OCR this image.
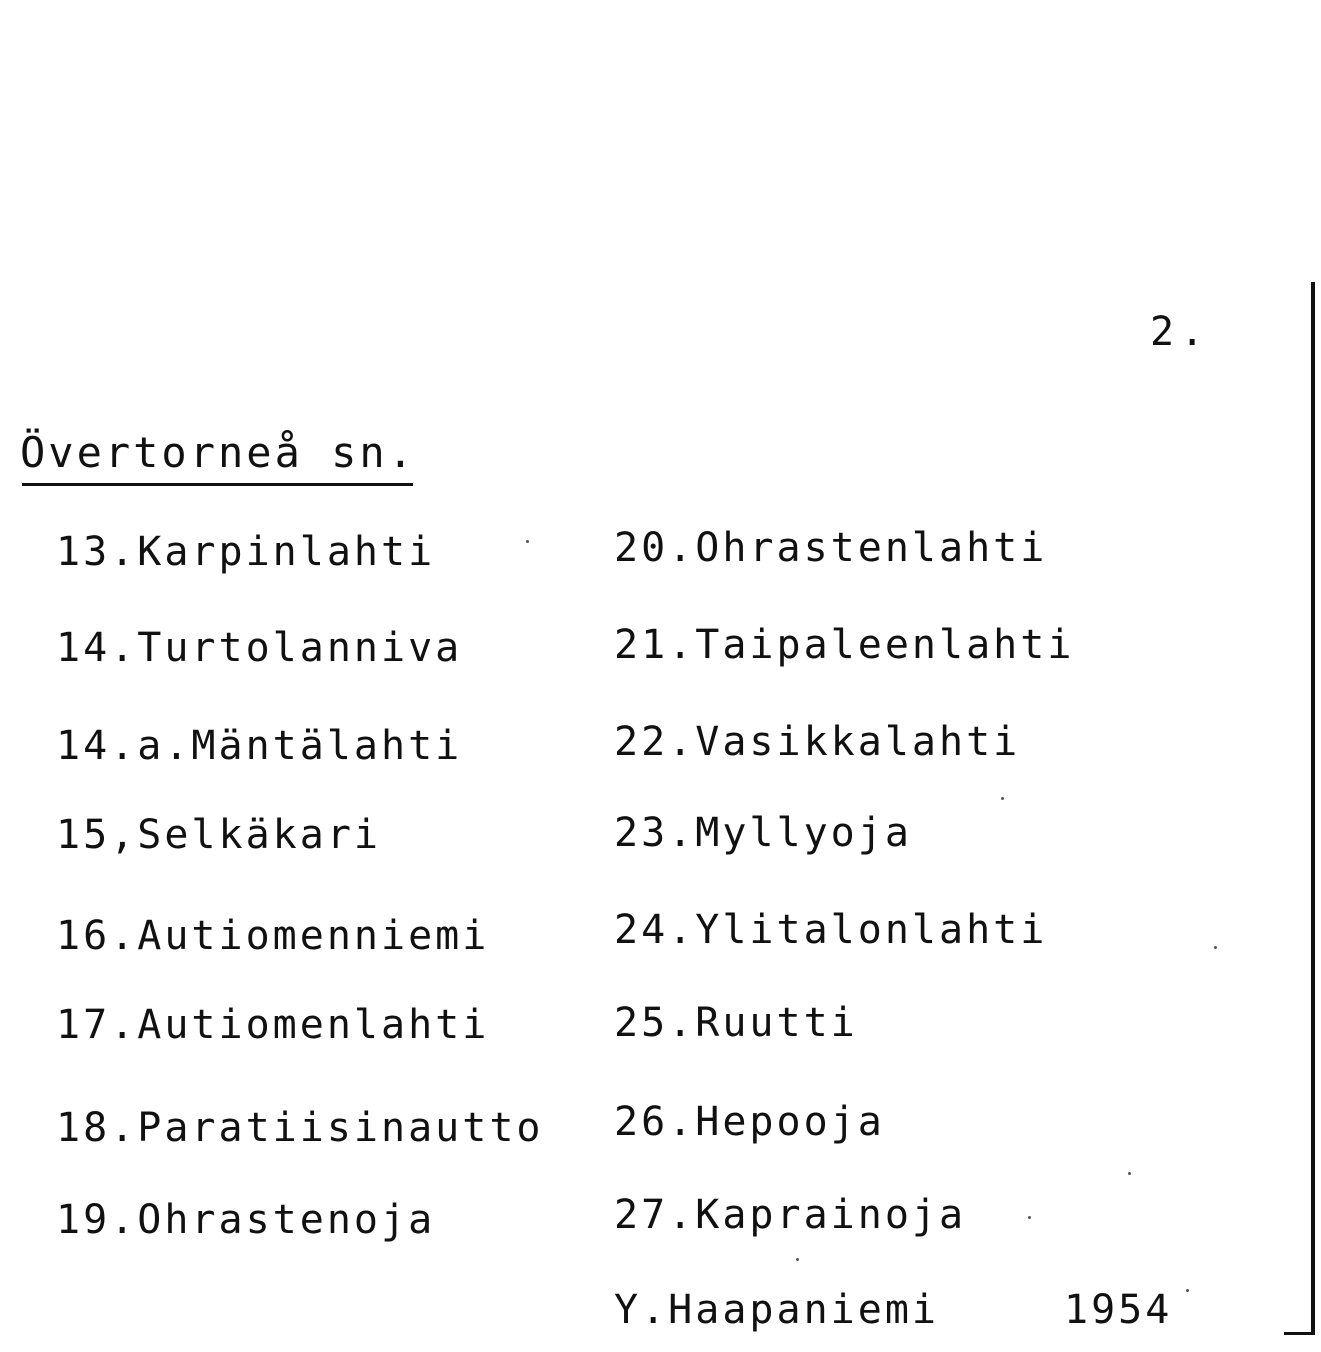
2.
Övertorneå sn.
13.Karpinlahti
14.Turtolanniva
14.a.Mäntälahti
15,Selkäkari
16.Autiomenniemi
17.Autiomenlahti
18.Paratiisinautto
19.Ohrastenoja
20.Ohrastenlahti
21.Taipaleenlahti
22.Vasikkalahti
23.Myllyoja
24.Ylitalonlahti
25.Ruutti
26.Hepooja
27.Kaprainoja
Y.Haapaniemi	1954
